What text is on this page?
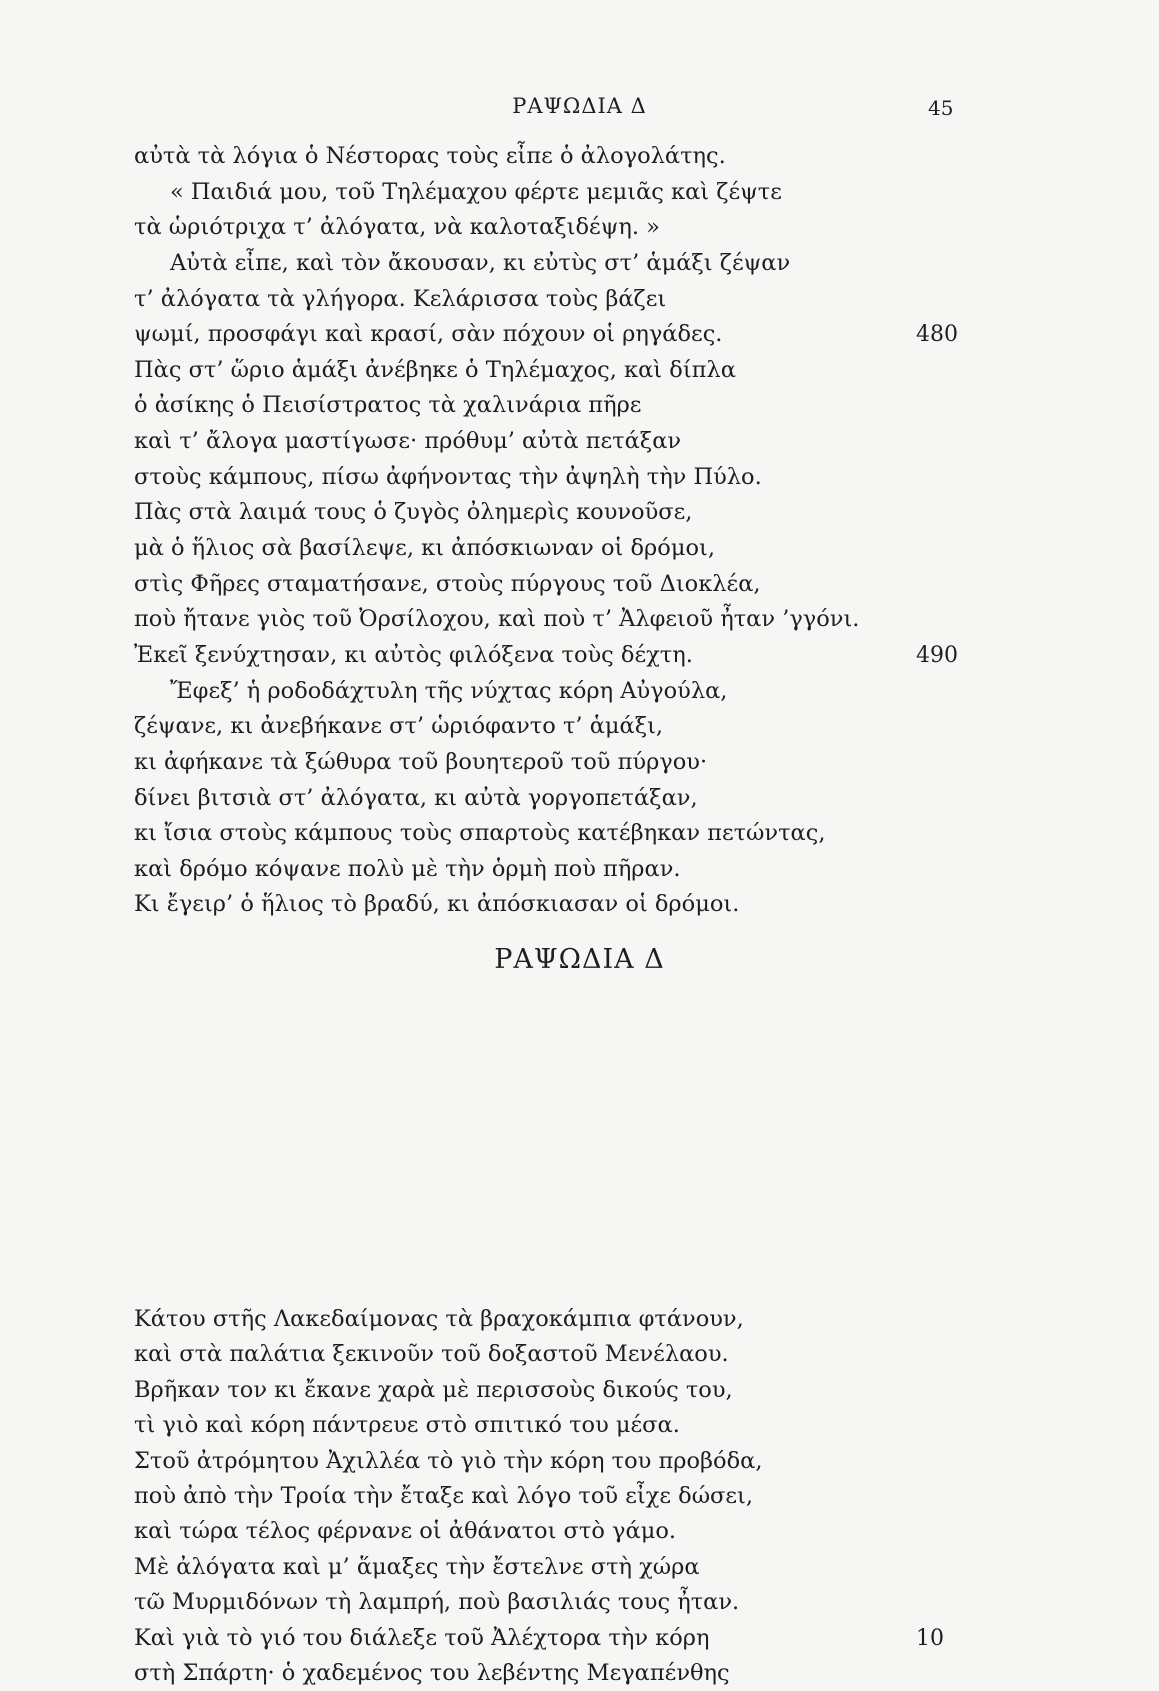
ΡΑΨΩΔΙΑ Δ	45
αὐτὰ τὰ λόγια ὁ Νέστορας τοὺς εἶπε ὁ ἀλογολάτης.
« Παιδιά μου, τοῦ Τηλέμαχου φέρτε μεμιᾶς καὶ ζέψτε
τὰ ὡριότριχα τ’ ἀλόγατα, νὰ καλοταξιδέψη. »
Αὐτὰ εἶπε, καὶ τὸν ἄκουσαν, κι εὐτὺς στ’ ἁμάξι ζέψαν
τ’ ἀλόγατα τὰ γλήγορα. Κελάρισσα τοὺς βάζει
ψωμί, προσφάγι καὶ κρασί, σὰν πόχουν οἱ ρηγάδες.	480
Πὰς στ’ ὥριο ἁμάξι ἀνέβηκε ὁ Τηλέμαχος, καὶ δίπλα
ὁ ἀσίκης ὁ Πεισίστρατος τὰ χαλινάρια πῆρε
καὶ τ’ ἄλογα μαστίγωσε· πρόθυμ’ αὐτὰ πετάξαν
στοὺς κάμπους, πίσω ἀφήνοντας τὴν ἀψηλὴ τὴν Πύλο.
Πὰς στὰ λαιμά τους ὁ ζυγὸς ὀλημερὶς κουνοῦσε,
μὰ ὁ ἥλιος σὰ βασίλεψε, κι ἀπόσκιωναν οἱ δρόμοι,
στὶς Φῆρες σταματήσανε, στοὺς πύργους τοῦ Διοκλέα,
ποὺ ἤτανε γιὸς τοῦ Ὀρσίλοχου, καὶ ποὺ τ’ Ἀλφειοῦ ἦταν ’γγόνι.
Ἐκεῖ ξενύχτησαν, κι αὐτὸς φιλόξενα τοὺς δέχτη.	490
Ἔφεξ’ ἡ ροδοδάχτυλη τῆς νύχτας κόρη Αὐγούλα,
ζέψανε, κι ἀνεβήκανε στ’ ὡριόφαντο τ’ ἁμάξι,
κι ἀφήκανε τὰ ξώθυρα τοῦ βουητεροῦ τοῦ πύργου·
δίνει βιτσιὰ στ’ ἀλόγατα, κι αὐτὰ γοργοπετάξαν,
κι ἴσια στοὺς κάμπους τοὺς σπαρτοὺς κατέβηκαν πετώντας,
καὶ δρόμο κόψανε πολὺ μὲ τὴν ὁρμὴ ποὺ πῆραν.
Κι ἔγειρ’ ὁ ἥλιος τὸ βραδύ, κι ἀπόσκιασαν οἱ δρόμοι.
ΡΑΨΩΔΙΑ Δ
Κάτου στῆς Λακεδαίμονας τὰ βραχοκάμπια φτάνουν,
καὶ στὰ παλάτια ξεκινοῦν τοῦ δοξαστοῦ Μενέλαου.
Βρῆκαν τον κι ἔκανε χαρὰ μὲ περισσοὺς δικούς του,
τὶ γιὸ καὶ κόρη πάντρευε στὸ σπιτικό του μέσα.
Στοῦ ἀτρόμητου Ἀχιλλέα τὸ γιὸ τὴν κόρη του προβόδα,
ποὺ ἀπὸ τὴν Τροία τὴν ἔταξε καὶ λόγο τοῦ εἶχε δώσει,
καὶ τώρα τέλος φέρνανε οἱ ἀθάνατοι στὸ γάμο.
Μὲ ἀλόγατα καὶ μ’ ἅμαξες τὴν ἔστελνε στὴ χώρα
τῶ Μυρμιδόνων τὴ λαμπρή, ποὺ βασιλιάς τους ἦταν.
Καὶ γιὰ τὸ γιό του διάλεξε τοῦ Ἀλέχτορα τὴν κόρη	10
στὴ Σπάρτη· ὁ χαδεμένος του λεβέντης Μεγαπένθης
